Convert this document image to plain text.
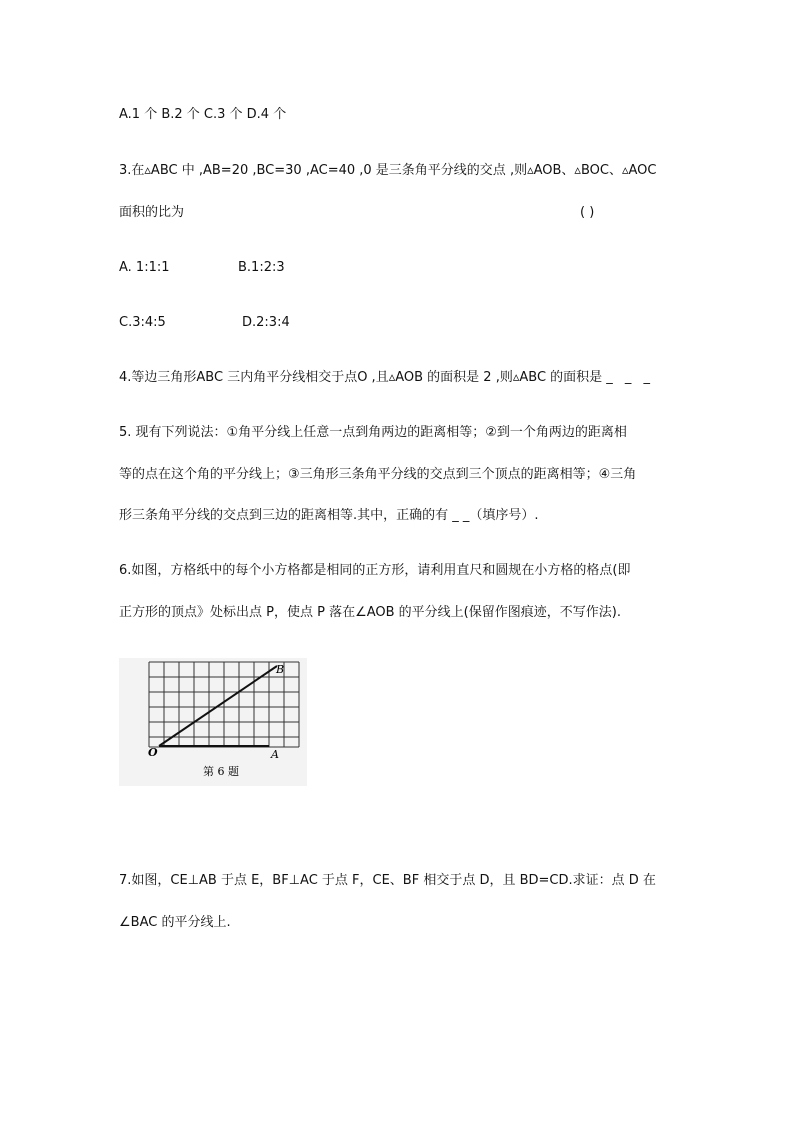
A.1 个 B.2 个 C.3 个 D.4 个
3.在▵ABC 中 ,AB=20 ,BC=30 ,AC=40 ,0 是三条角平分线的交点 ,则▵AOB、▵BOC、▵AOC
面积的比为	( )
A. 1:1:1	B.1:2:3
C.3:4:5	D.2:3:4
4.等边三角形ABC 三内角平分线相交于点O ,且▵AOB 的面积是 2 ,则▵ABC 的面积是 _ _ _
5. 现有下列说法：①角平分线上任意一点到角两边的距离相等；②到一个角两边的距离相
等的点在这个角的平分线上；③三角形三条角平分线的交点到三个顶点的距离相等；④三角
形三条角平分线的交点到三边的距离相等.其中，正确的有 _ _（填序号）.
6.如图，方格纸中的每个小方格都是相同的正方形，请利用直尺和圆规在小方格的格点(即
正方形的顶点》处标出点 P，使点 P 落在∠AOB 的平分线上(保留作图痕迹，不写作法).
O	A
B
第 6 题
7.如图，CE⊥AB 于点 E，BF⊥AC 于点 F，CE、BF 相交于点 D，且 BD=CD.求证：点 D 在
∠BAC 的平分线上.
